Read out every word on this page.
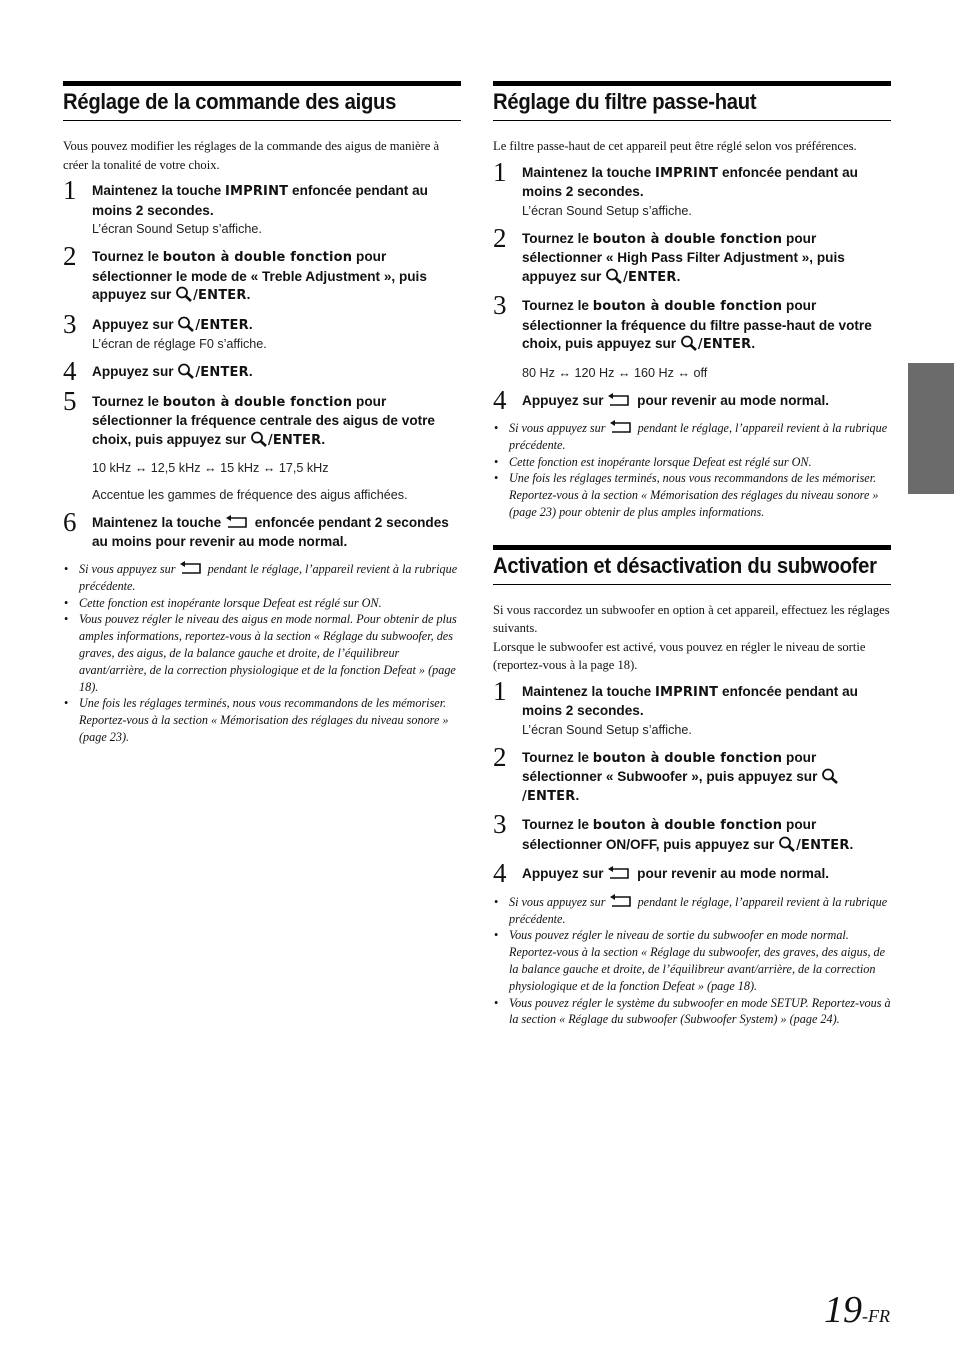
Réglage de la commande des aigus

Vous pouvez modifier les réglages de la commande des aigus de manière à créer la tonalité de votre choix.

1 Maintenez la touche IMPRINT enfoncée pendant au moins 2 secondes.
L’écran Sound Setup s’affiche.
2 Tournez le bouton à double fonction pour sélectionner le mode de « Treble Adjustment », puis appuyez sur
/ENTER.
3 Appuyez sur
/ENTER.
L’écran de réglage F0 s’affiche.
4 Appuyez sur
/ENTER.
5 Tournez le bouton à double fonction pour sélectionner la fréquence centrale des aigus de votre choix, puis appuyez sur
/ENTER.
10 kHz ↔ 12,5 kHz ↔ 15 kHz ↔ 17,5 kHz
Accentue les gammes de fréquence des aigus affichées.
6 Maintenez la touche
enfoncée pendant 2 secondes au moins pour revenir au mode normal.
• Si vous appuyez sur
pendant le réglage, l’appareil revient à la rubrique précédente.
• Cette fonction est inopérante lorsque Defeat est réglé sur ON.
• Vous pouvez régler le niveau des aigus en mode normal. Pour obtenir de plus amples informations, reportez-vous à la section « Réglage du subwoofer, des graves, des aigus, de la balance gauche et droite, de l’équilibreur avant/arrière, de la correction physiologique et de la fonction Defeat » (page 18).
• Une fois les réglages terminés, nous vous recommandons de les mémoriser. Reportez-vous à la section « Mémorisation des réglages du niveau sonore » (page 23).
Réglage du filtre passe-haut

Le filtre passe-haut de cet appareil peut être réglé selon vos préférences.

1 Maintenez la touche IMPRINT enfoncée pendant au moins 2 secondes.
L’écran Sound Setup s’affiche.
2 Tournez le bouton à double fonction pour sélectionner « High Pass Filter Adjustment », puis appuyez sur
/ENTER.
3 Tournez le bouton à double fonction pour sélectionner la fréquence du filtre passe-haut de votre choix, puis appuyez sur
/ENTER.
80 Hz ↔ 120 Hz ↔ 160 Hz ↔ off
4 Appuyez sur
pour revenir au mode normal.
• Si vous appuyez sur
pendant le réglage, l’appareil revient à la rubrique précédente.
• Cette fonction est inopérante lorsque Defeat est réglé sur ON.
• Une fois les réglages terminés, nous vous recommandons de les mémoriser. Reportez-vous à la section « Mémorisation des réglages du niveau sonore » (page 23) pour obtenir de plus amples informations.
Activation et désactivation du subwoofer

Si vous raccordez un subwoofer en option à cet appareil, effectuez les réglages suivants.

Lorsque le subwoofer est activé, vous pouvez en régler le niveau de sortie (reportez-vous à la page 18).

1 Maintenez la touche IMPRINT enfoncée pendant au moins 2 secondes.
L’écran Sound Setup s’affiche.
2 Tournez le bouton à double fonction pour sélectionner « Subwoofer », puis appuyez sur
/ENTER.
3 Tournez le bouton à double fonction pour sélectionner ON/OFF, puis appuyez sur
/ENTER.
4 Appuyez sur
pour revenir au mode normal.
• Si vous appuyez sur
pendant le réglage, l’appareil revient à la rubrique précédente.
• Vous pouvez régler le niveau de sortie du subwoofer en mode normal. Reportez-vous à la section « Réglage du subwoofer, des graves, des aigus, de la balance gauche et droite, de l’équilibreur avant/arrière, de la correction physiologique et de la fonction Defeat » (page 18).
• Vous pouvez régler le système du subwoofer en mode SETUP. Reportez-vous à la section « Réglage du subwoofer (Subwoofer System) » (page 24).
19-FR
